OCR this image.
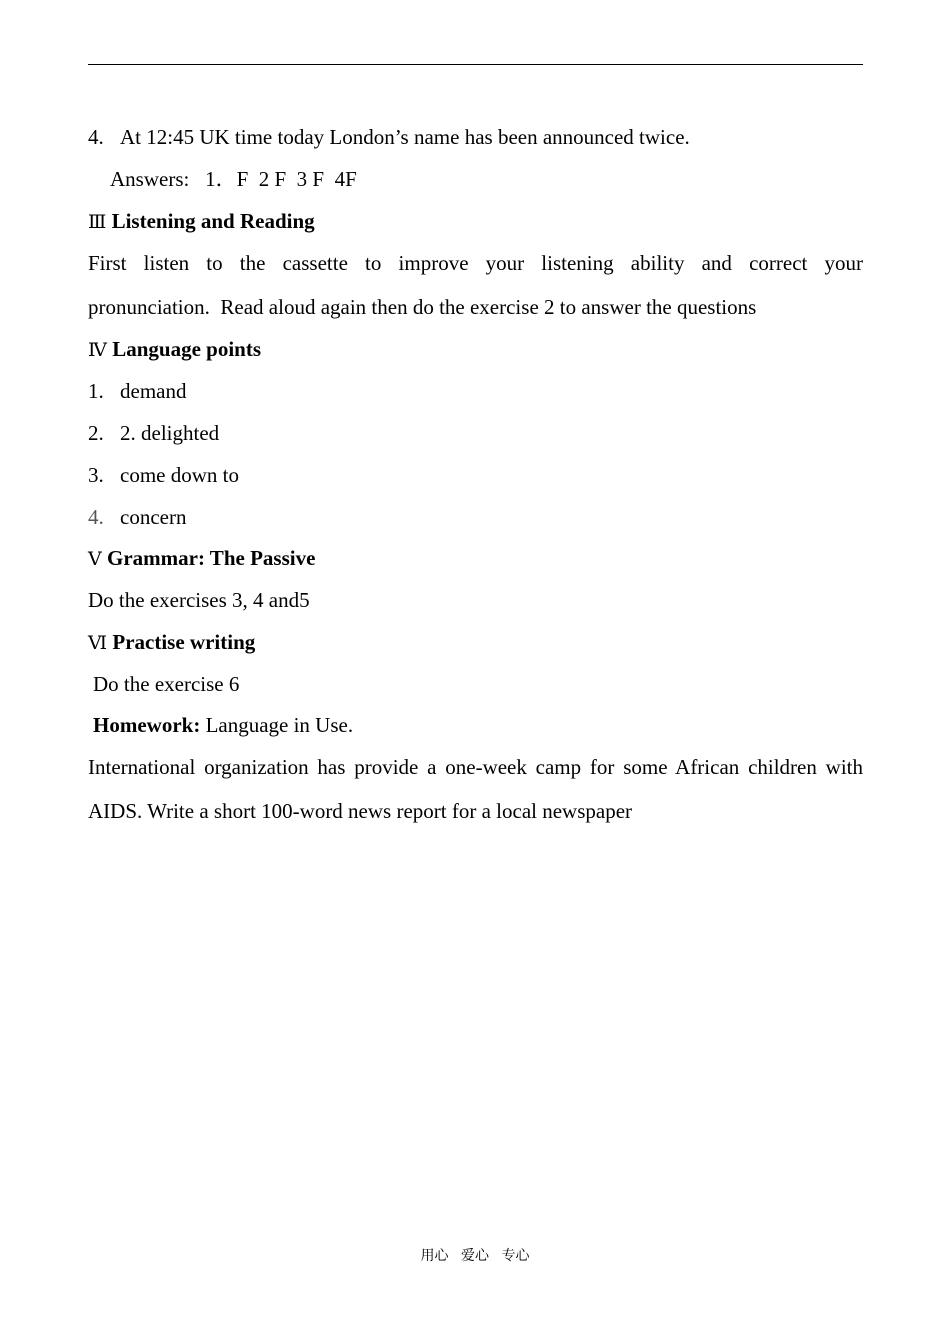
4. At 12:45 UK time today London’s name has been announced twice.
Answers:   1．F  2 F  3 F  4F
Ⅲ Listening and Reading
First listen to the cassette to improve your listening ability and correct your
pronunciation.  Read aloud again then do the exercise 2 to answer the questions
Ⅳ Language points
1. demand
2. 2. delighted
3. come down to
4. concern
Ⅴ Grammar: The Passive
Do the exercises 3, 4 and5
Ⅵ Practise writing
Do the exercise 6
Homework: Language in Use.
International organization has provide a one-week camp for some African children with
AIDS. Write a short 100-word news report for a local newspaper
用心 爱心 专心
